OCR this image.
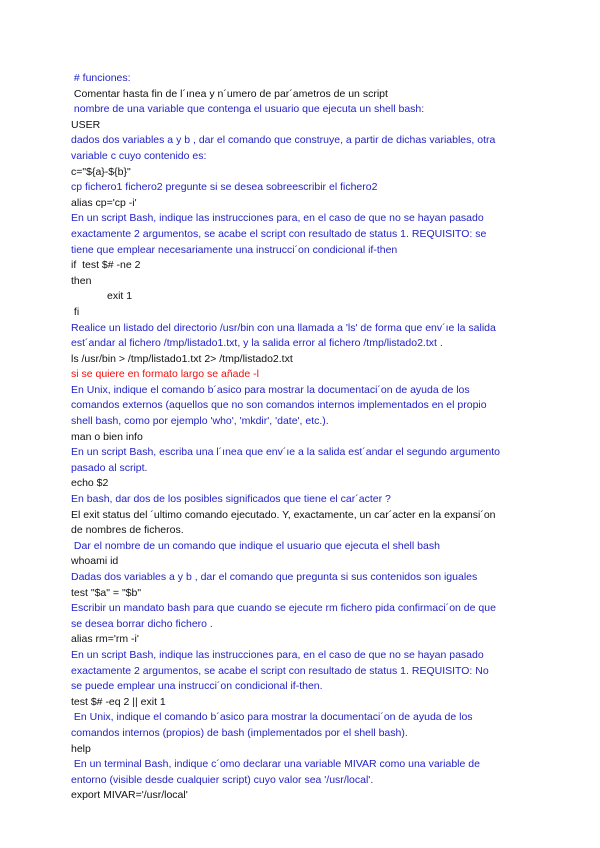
# funciones:
Comentar hasta fin de l´ınea y n´umero de par´ametros de un script
nombre de una variable que contenga el usuario que ejecuta un shell bash:
USER
dados dos variables a y b , dar el comando que construye, a partir de dichas variables, otra
variable c cuyo contenido es:
c="${a}-${b}"
cp fichero1 fichero2 pregunte si se desea sobreescribir el fichero2
alias cp='cp -i'
En un script Bash, indique las instrucciones para, en el caso de que no se hayan pasado
exactamente 2 argumentos, se acabe el script con resultado de status 1. REQUISITO: se
tiene que emplear necesariamente una instrucci´on condicional if-then
if  test $# -ne 2
then
exit 1
fi
Realice un listado del directorio /usr/bin con una llamada a 'ls' de forma que env´ıe la salida
est´andar al fichero /tmp/listado1.txt, y la salida error al fichero /tmp/listado2.txt .
ls /usr/bin > /tmp/listado1.txt 2> /tmp/listado2.txt
si se quiere en formato largo se añade -l
En Unix, indique el comando b´asico para mostrar la documentaci´on de ayuda de los
comandos externos (aquellos que no son comandos internos implementados en el propio
shell bash, como por ejemplo 'who', 'mkdir', 'date', etc.).
man o bien info
En un script Bash, escriba una l´ınea que env´ıe a la salida est´andar el segundo argumento
pasado al script.
echo $2
En bash, dar dos de los posibles significados que tiene el car´acter ?
El exit status del ´ultimo comando ejecutado. Y, exactamente, un car´acter en la expansi´on
de nombres de ficheros.
Dar el nombre de un comando que indique el usuario que ejecuta el shell bash
whoami id
Dadas dos variables a y b , dar el comando que pregunta si sus contenidos son iguales
test "$a" = "$b"
Escribir un mandato bash para que cuando se ejecute rm fichero pida confirmaci´on de que
se desea borrar dicho fichero .
alias rm='rm -i'
En un script Bash, indique las instrucciones para, en el caso de que no se hayan pasado
exactamente 2 argumentos, se acabe el script con resultado de status 1. REQUISITO: No
se puede emplear una instrucci´on condicional if-then.
test $# -eq 2 || exit 1
En Unix, indique el comando b´asico para mostrar la documentaci´on de ayuda de los
comandos internos (propios) de bash (implementados por el shell bash).
help
En un terminal Bash, indique c´omo declarar una variable MIVAR como una variable de
entorno (visible desde cualquier script) cuyo valor sea '/usr/local'.
export MIVAR='/usr/local'
